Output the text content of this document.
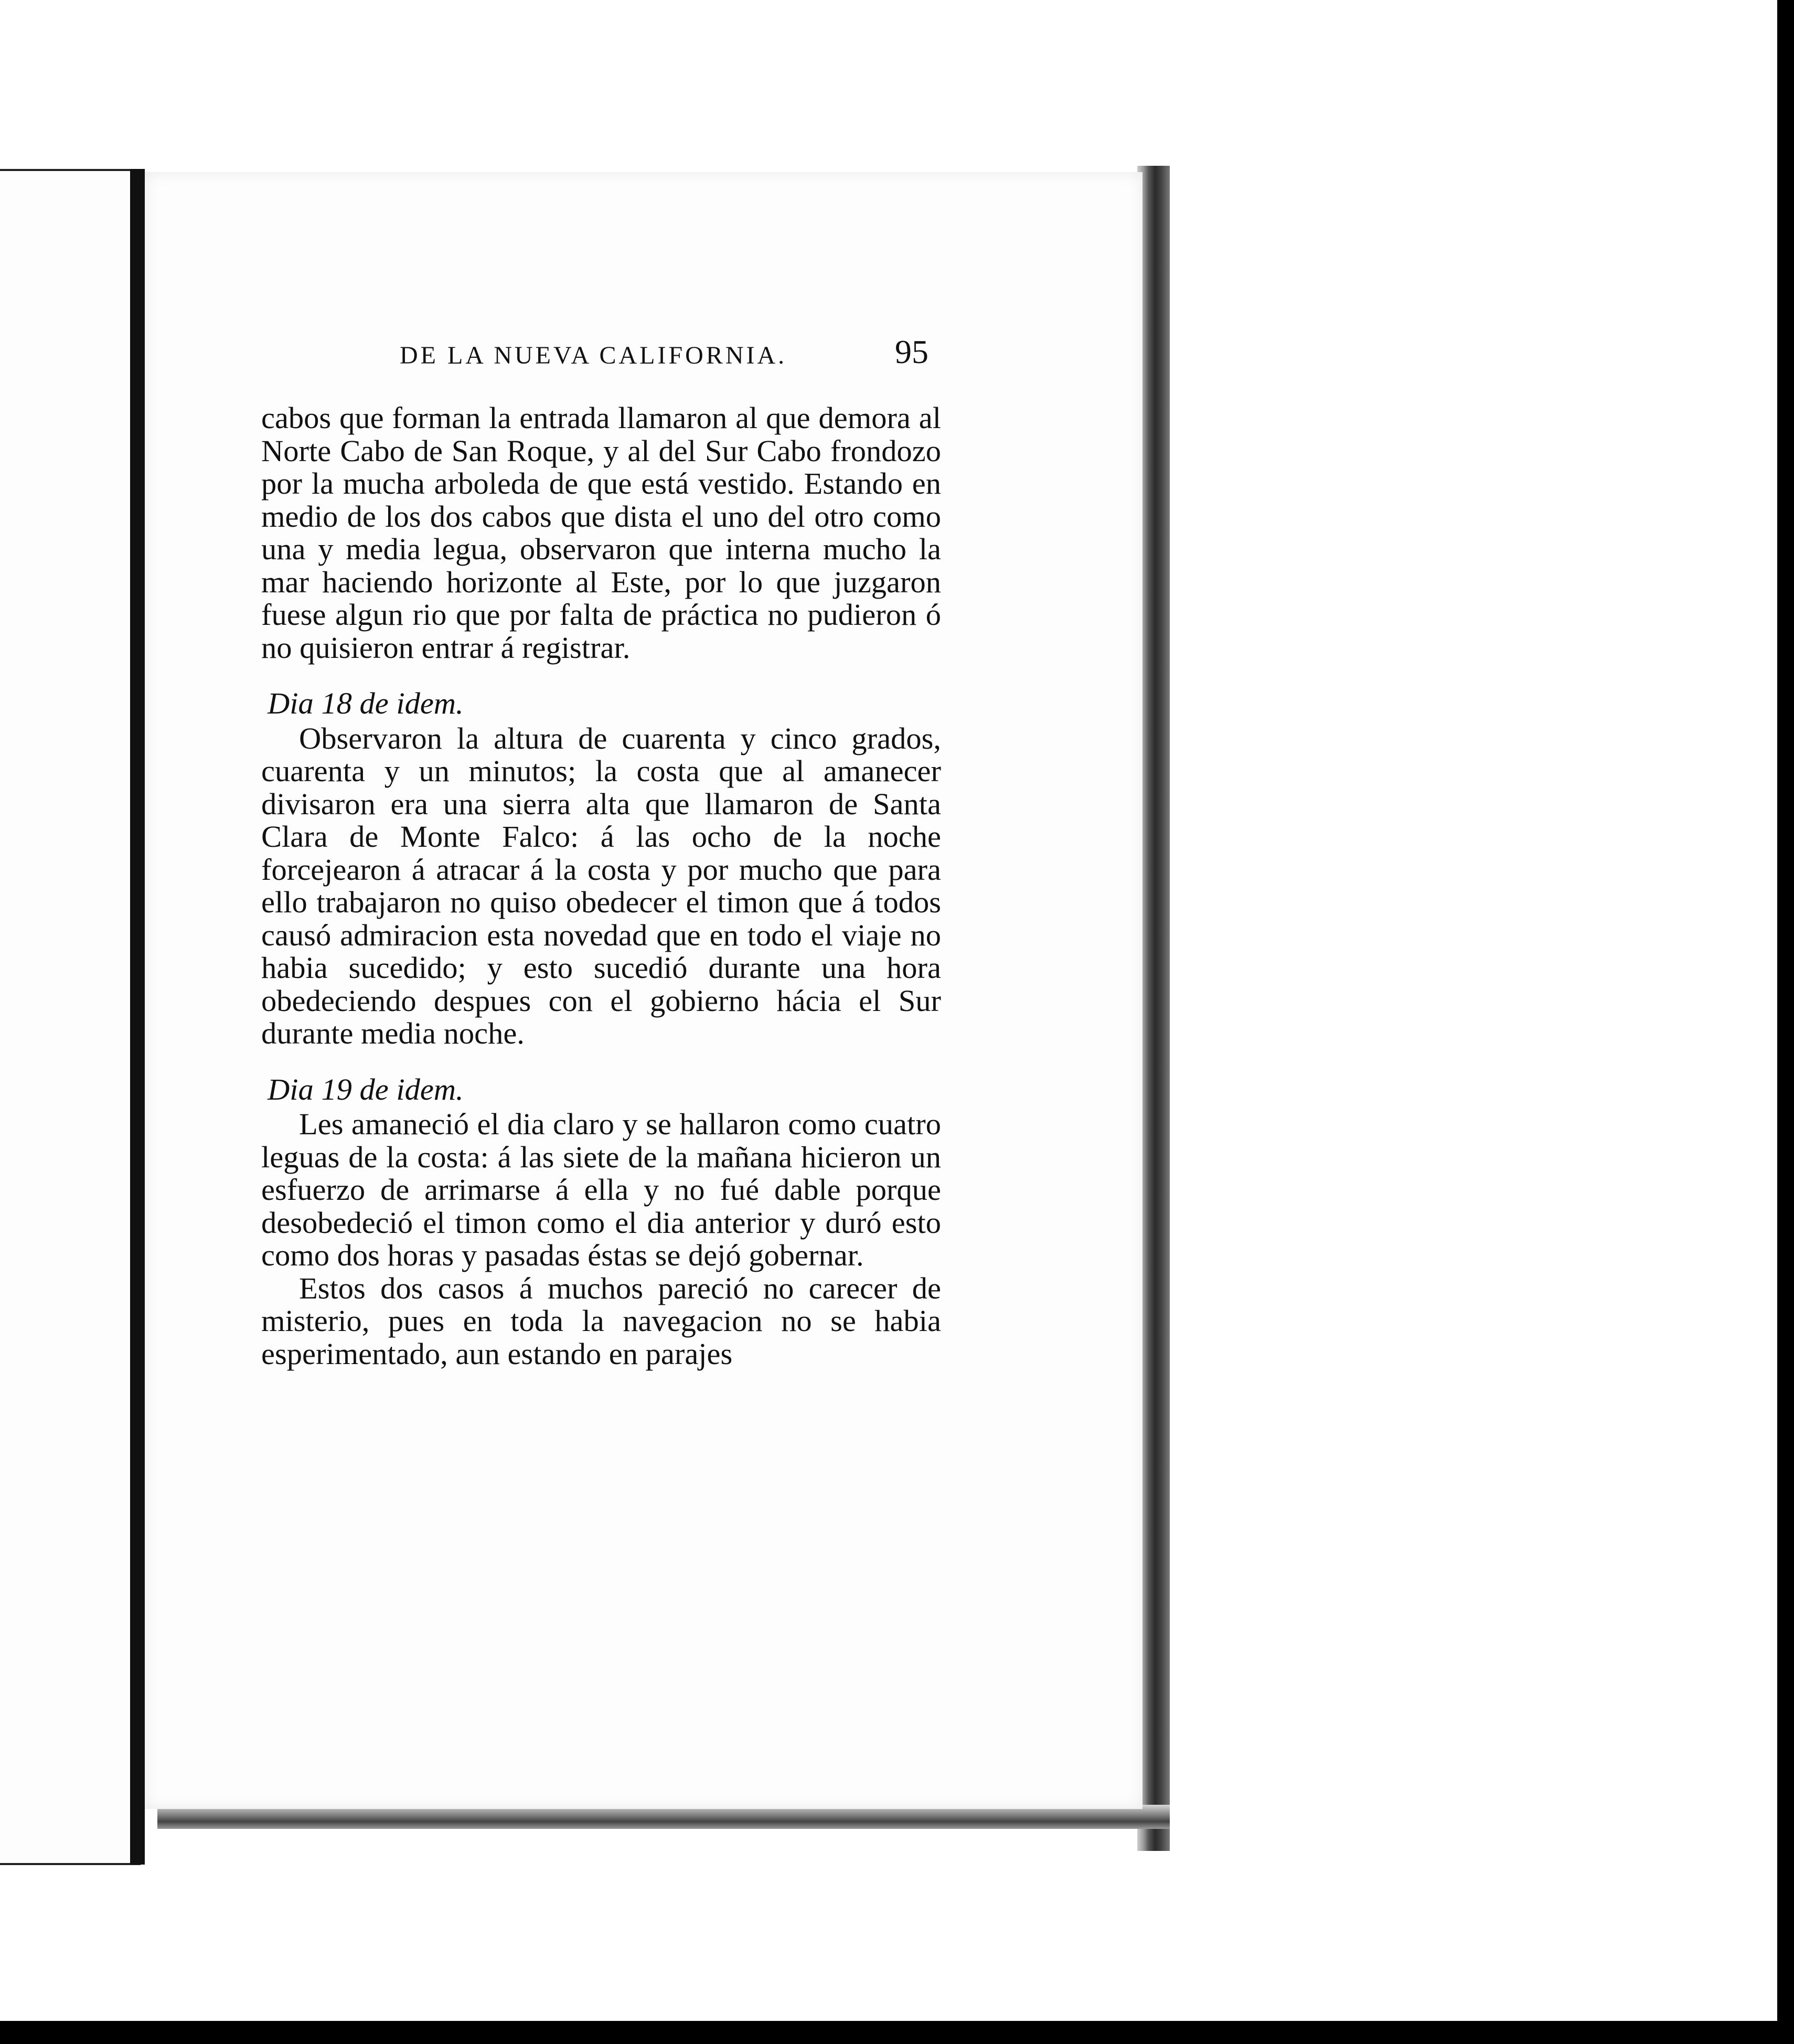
DE LA NUEVA CALIFORNIA.	95

cabos que forman la entrada llamaron al que demora al Norte Cabo de San Roque, y al del Sur Cabo frondozo por la mucha arboleda de que está vestido. Estando en medio de los dos cabos que dista el uno del otro como una y media legua, observaron que interna mucho la mar haciendo horizonte al Este, por lo que juzgaron fuese algun rio que por falta de práctica no pudieron ó no quisieron entrar á registrar.

Dia 18 de idem.

Observaron la altura de cuarenta y cinco grados, cuarenta y un minutos; la costa que al amanecer divisaron era una sierra alta que llamaron de Santa Clara de Monte Falco: á las ocho de la noche forcejearon á atracar á la costa y por mucho que para ello trabajaron no quiso obedecer el timon que á todos causó admiracion esta novedad que en todo el viaje no habia sucedido; y esto sucedió durante una hora obedeciendo despues con el gobierno hácia el Sur durante media noche.

Dia 19 de idem.

Les amaneció el dia claro y se hallaron como cuatro leguas de la costa: á las siete de la mañana hicieron un esfuerzo de arrimarse á ella y no fué dable porque desobedeció el timon como el dia anterior y duró esto como dos horas y pasadas éstas se dejó gobernar.

Estos dos casos á muchos pareció no carecer de misterio, pues en toda la navegacion no se habia esperimentado, aun estando en parajes
